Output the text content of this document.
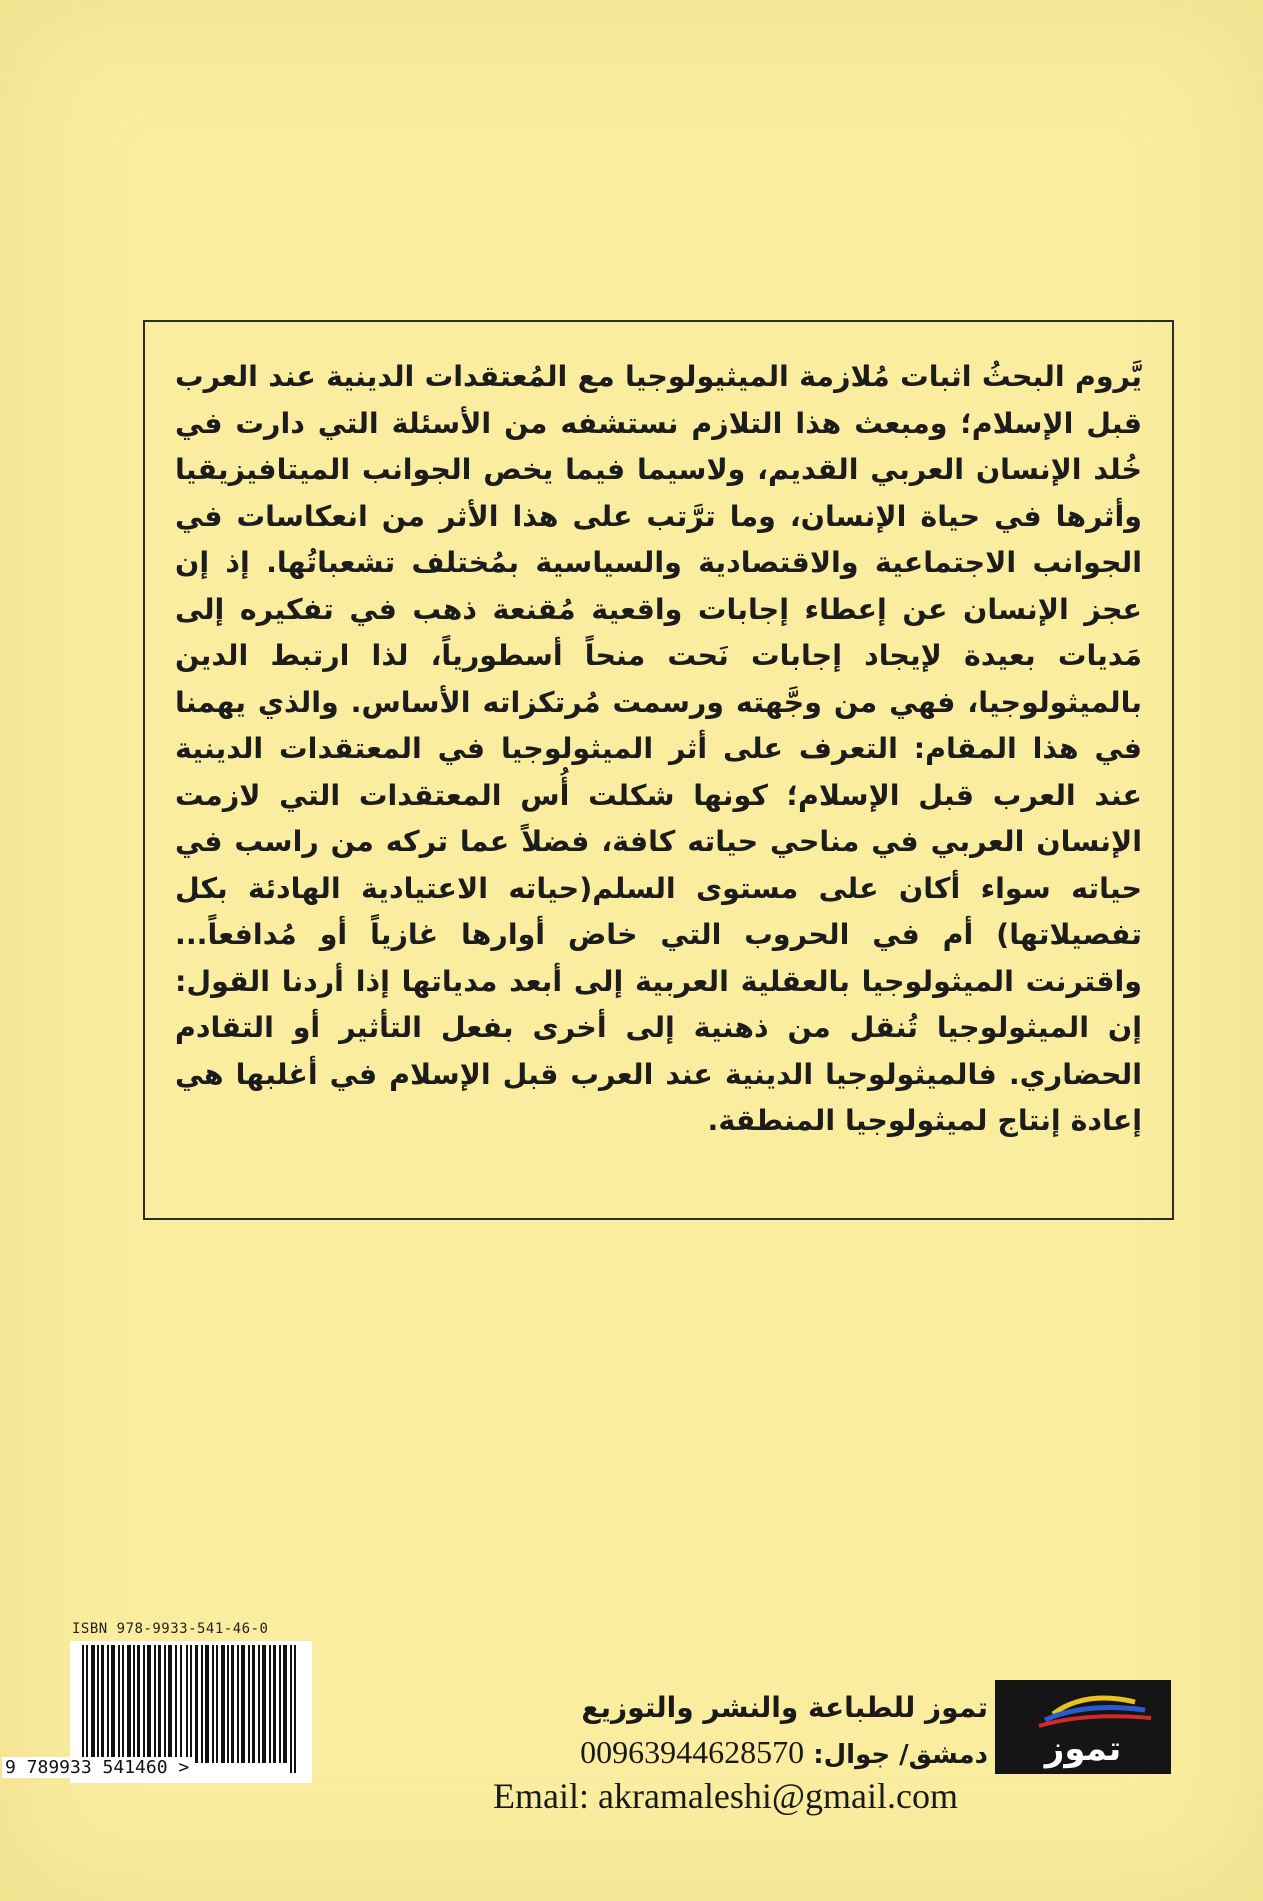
يَّروم البحثُ اثبات مُلازمة الميثيولوجيا مع المُعتقدات الدينية عند العرب قبل الإسلام؛ ومبعث هذا التلازم نستشفه من الأسئلة التي دارت في خُلد الإنسان العربي القديم، ولاسيما فيما يخص الجوانب الميتافيزيقيا وأثرها في حياة الإنسان، وما ترَّتب على هذا الأثر من انعكاسات في الجوانب الاجتماعية والاقتصادية والسياسية بمُختلف تشعباتُها. إذ إن عجز الإنسان عن إعطاء إجابات واقعية مُقنعة ذهب في تفكيره إلى مَديات بعيدة لإيجاد إجابات نَحت منحاً أسطورياً، لذا ارتبط الدين بالميثولوجيا، فهي من وجَّهته ورسمت مُرتكزاته الأساس. والذي يهمنا في هذا المقام: التعرف على أثر الميثولوجيا في المعتقدات الدينية عند العرب قبل الإسلام؛ كونها شكلت أُس المعتقدات التي لازمت الإنسان العربي في مناحي حياته كافة، فضلاً عما تركه من راسب في حياته سواء أكان على مستوى السلم(حياته الاعتيادية الهادئة بكل تفصيلاتها) أم في الحروب التي خاض أوارها غازياً أو مُدافعاً... واقترنت الميثولوجيا بالعقلية العربية إلى أبعد مدياتها إذا أردنا القول: إن الميثولوجيا تُنقل من ذهنية إلى أخرى بفعل التأثير أو التقادم الحضاري. فالميثولوجيا الدينية عند العرب قبل الإسلام في أغلبها هي إعادة إنتاج لميثولوجيا المنطقة.

ISBN 978-9933-541-46-0
9 789933 541460 >

تموز للطباعة والنشر والتوزيع

دمشق/ جوال: 00963944628570

Email: akramaleshi@gmail.com
تموز
